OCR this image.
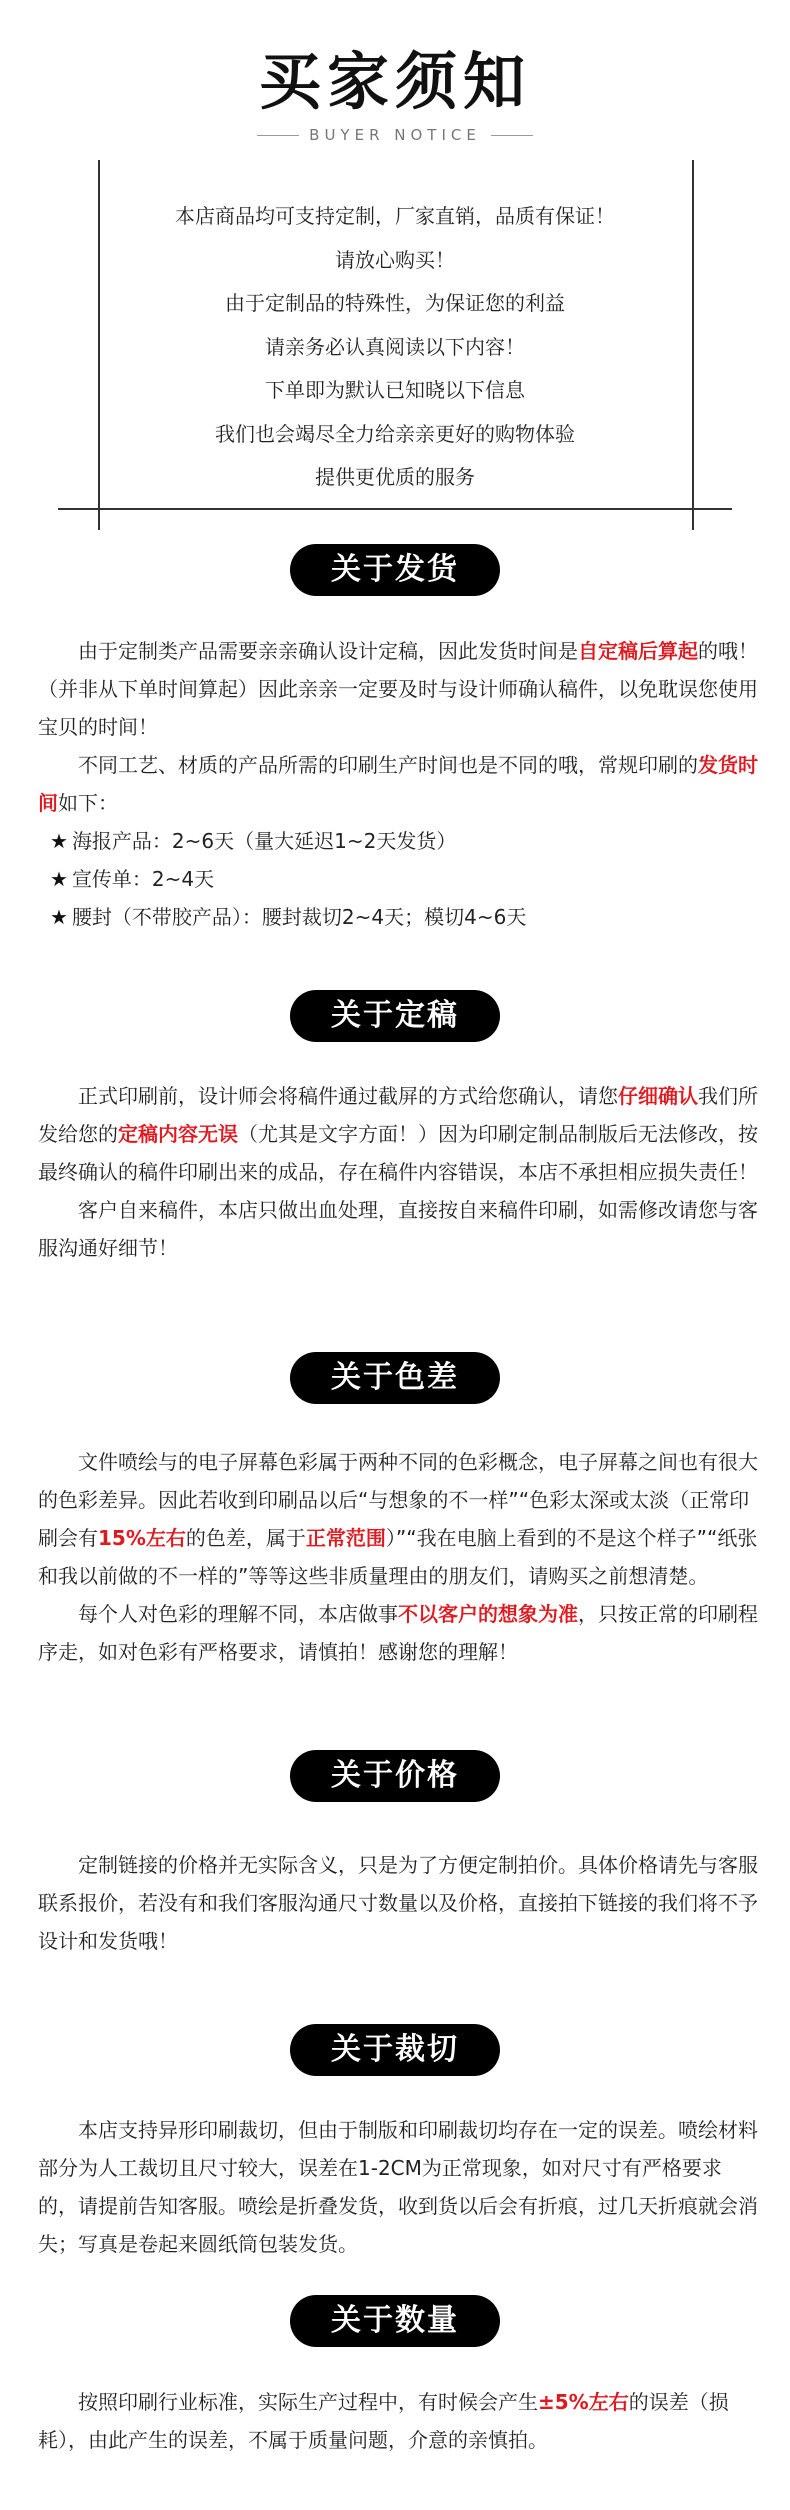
买家须知
BUYER NOTICE
本店商品均可支持定制，厂家直销，品质有保证！
请放心购买！
由于定制品的特殊性，为保证您的利益
请亲务必认真阅读以下内容！
下单即为默认已知晓以下信息
我们也会竭尽全力给亲亲更好的购物体验
提供更优质的服务
关于发货

由于定制类产品需要亲亲确认设计定稿，因此发货时间是自定稿后算起的哦！（并非从下单时间算起）因此亲亲一定要及时与设计师确认稿件，以免耽误您使用宝贝的时间！

不同工艺、材质的产品所需的印刷生产时间也是不同的哦，常规印刷的发货时间如下：

★ 海报产品：2~6天（量大延迟1~2天发货）

★ 宣传单：2~4天

★ 腰封（不带胶产品）：腰封裁切2~4天；模切4~6天

关于定稿

正式印刷前，设计师会将稿件通过截屏的方式给您确认，请您仔细确认我们所发给您的定稿内容无误（尤其是文字方面！）因为印刷定制品制版后无法修改，按最终确认的稿件印刷出来的成品，存在稿件内容错误，本店不承担相应损失责任！

客户自来稿件，本店只做出血处理，直接按自来稿件印刷，如需修改请您与客服沟通好细节！

关于色差

文件喷绘与的电子屏幕色彩属于两种不同的色彩概念，电子屏幕之间也有很大的色彩差异。因此若收到印刷品以后“与想象的不一样”“色彩太深或太淡（正常印刷会有15%左右的色差，属于正常范围）”“我在电脑上看到的不是这个样子”“纸张和我以前做的不一样的”等等这些非质量理由的朋友们，请购买之前想清楚。

每个人对色彩的理解不同，本店做事不以客户的想象为准，只按正常的印刷程序走，如对色彩有严格要求，请慎拍！感谢您的理解！

关于价格

定制链接的价格并无实际含义，只是为了方便定制拍价。具体价格请先与客服联系报价，若没有和我们客服沟通尺寸数量以及价格，直接拍下链接的我们将不予设计和发货哦！

关于裁切

本店支持异形印刷裁切，但由于制版和印刷裁切均存在一定的误差。喷绘材料部分为人工裁切且尺寸较大，误差在1-2CM为正常现象，如对尺寸有严格要求的，请提前告知客服。喷绘是折叠发货，收到货以后会有折痕，过几天折痕就会消失；写真是卷起来圆纸筒包装发货。

关于数量

按照印刷行业标准，实际生产过程中，有时候会产生±5%左右的误差（损耗），由此产生的误差，不属于质量问题，介意的亲慎拍。
